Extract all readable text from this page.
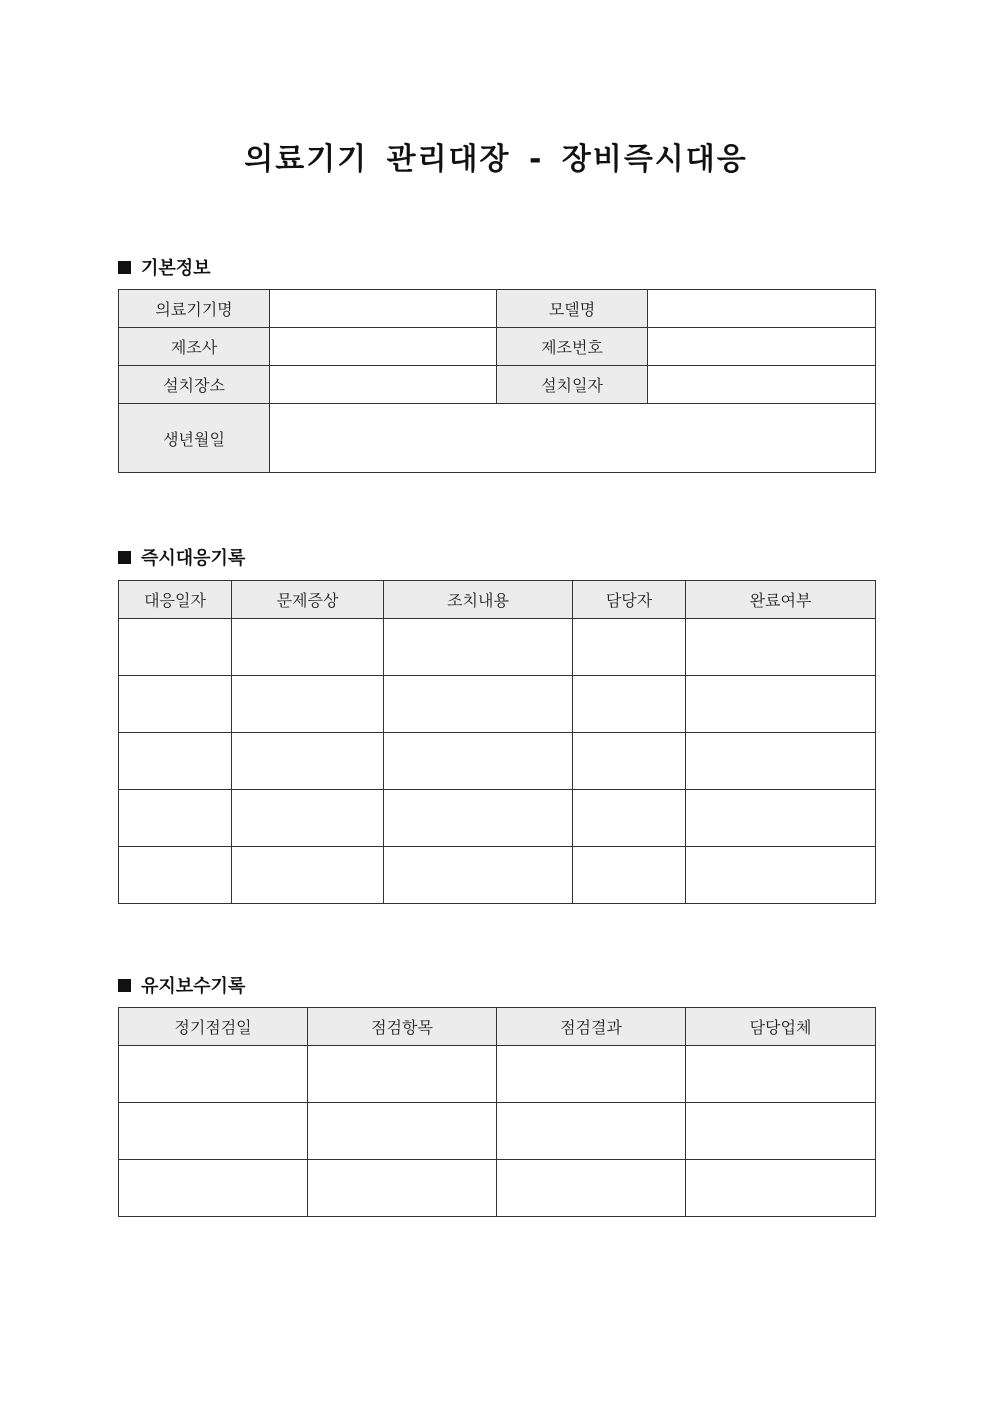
의료기기 관리대장 - 장비즉시대응
기본정보
의료기기명		모델명	
제조사		제조번호	
설치장소		설치일자	
생년월일			
즉시대응기록
대응일자	문제증상	조치내용	담당자	완료여부

유지보수기록
정기점검일	점검항목	점검결과	담당업체
